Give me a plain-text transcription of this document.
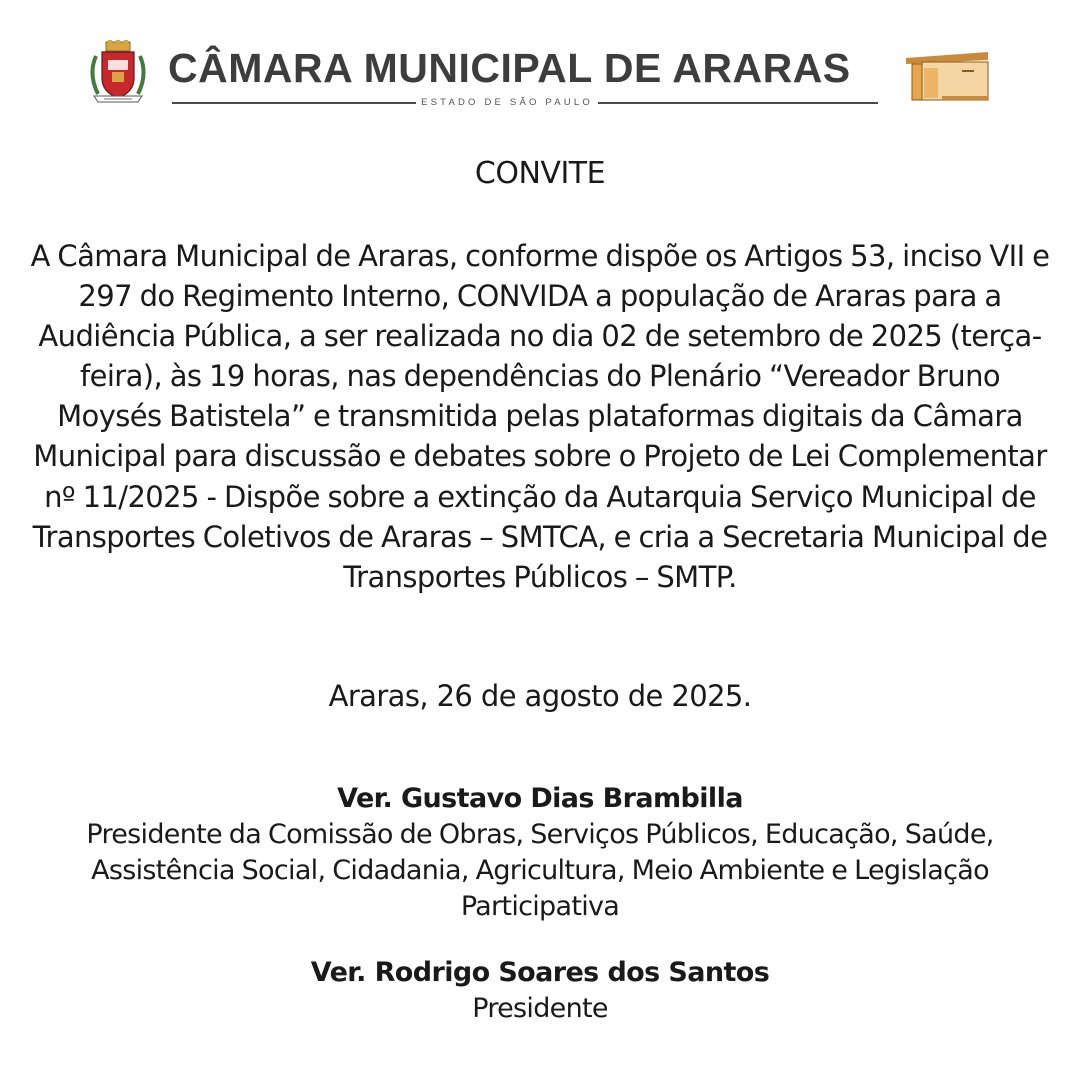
CÂMARA MUNICIPAL DE ARARAS
ESTADO DE SÃO PAULO
CONVITE
A Câmara Municipal de Araras, conforme dispõe os Artigos 53, inciso VII e 297 do Regimento Interno, CONVIDA a população de Araras para a Audiência Pública, a ser realizada no dia 02 de setembro de 2025 (terça-feira), às 19 horas, nas dependências do Plenário “Vereador Bruno Moysés Batistela” e transmitida pelas plataformas digitais da Câmara Municipal para discussão e debates sobre o Projeto de Lei Complementar nº 11/2025 - Dispõe sobre a extinção da Autarquia Serviço Municipal de Transportes Coletivos de Araras – SMTCA, e cria a Secretaria Municipal de Transportes Públicos – SMTP.
Araras, 26 de agosto de 2025.
Ver. Gustavo Dias Brambilla
Presidente da Comissão de Obras, Serviços Públicos, Educação, Saúde, Assistência Social, Cidadania, Agricultura, Meio Ambiente e Legislação Participativa
Ver. Rodrigo Soares dos Santos
Presidente
